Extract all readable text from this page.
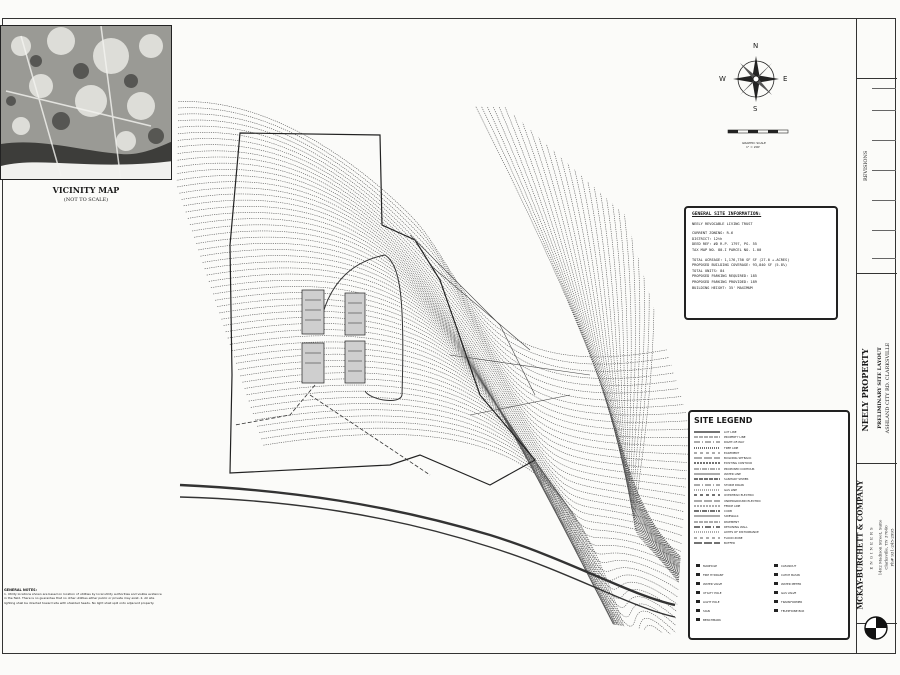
VICINITY MAP
(NOT TO SCALE)
N
S
E
W
GRAPHIC SCALE
1" = 200'
GENERAL SITE INFORMATION:
NEELY REVOCABLE LIVING TRUST
CURRENT ZONING: R-6
DISTRICT: 12th
DEED REF: #D R.P. 1797, PG. 55
TAX MAP NO. 80-I PARCEL NO. 1.00
TOTAL ACREAGE: 1,176,750 SF SF (27.0 +-ACRES)
PROPOSED BUILDING COVERAGE: 93,840 SF (5.8%)
TOTAL UNITS: 84
PROPOSED PARKING REQUIRED: 185
PROPOSED PARKING PROVIDED: 189
BUILDING HEIGHT: 35' MAXIMUM
SITE LEGEND
LOT LINE
PROPERTY LINE
RIGHT-OF-WAY
TREE LINE
EASEMENT
BUILDING SETBACK
EXISTING CONTOUR
PROPOSED CONTOUR
WATER LINE
SANITARY SEWER
STORM DRAIN
GAS LINE
OVERHEAD ELECTRIC
UNDERGROUND ELECTRIC
FENCE LINE
CURB
SIDEWALK
PAVEMENT
RETAINING WALL
LIMITS OF DISTURBANCE
FLOOD ZONE
BUFFER
MANHOLE
FIRE HYDRANT
WATER VALVE
UTILITY POLE
LIGHT POLE
SIGN
BENCHMARK
CLEANOUT
CATCH BASIN
WATER METER
GAS VALVE
TRANSFORMER
TELEPHONE BOX
GENERAL NOTES:
1. Utility locations shown are based on location of utilities by local utility authorities and visible evidence in the field. There is no guarantee that no other utilities either public or private may exist. 2. All site lighting shall be directed toward site with shielded heads. No light shall spill onto adjacent property.
REVISIONS
NEELY PROPERTY PRELIMINARY SITE LAYOUT ASHLAND CITY RD. CLARKSVILLE
MCKAY-BURCHETT & COMPANY ENGINEERS 1402 Madison Street, Suite Clarksville, TN 37040 Ph# 931-245-2995
